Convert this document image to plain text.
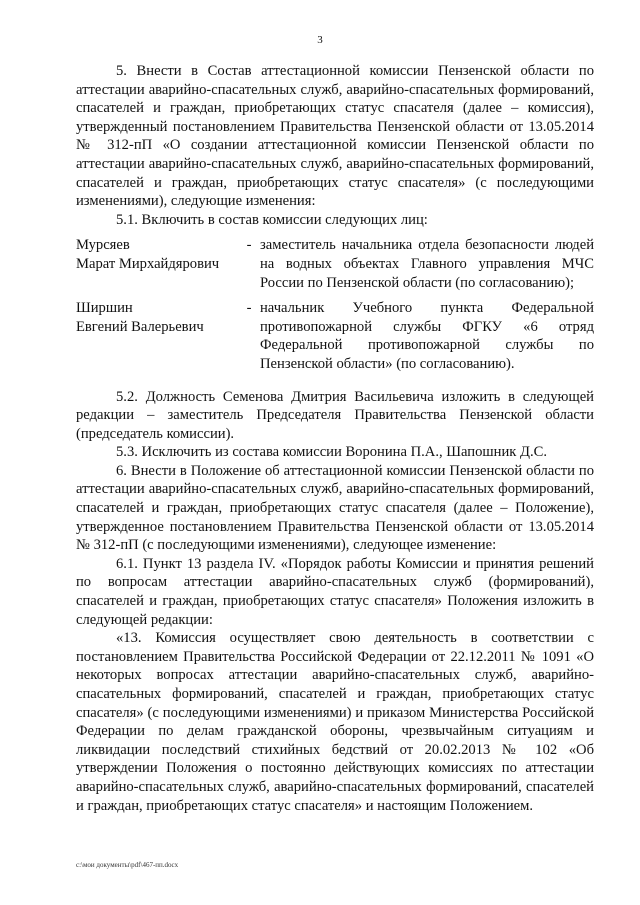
3

5. Внести в Состав аттестационной комиссии Пензенской области по аттестации аварийно-спасательных служб, аварийно-спасательных формирований, спасателей и граждан, приобретающих статус спасателя (далее – комиссия), утвержденный постановлением Правительства Пензенской области от 13.05.2014 № 312-пП «О создании аттестационной комиссии Пензенской области по аттестации аварийно-спасательных служб, аварийно-спасательных формирований, спасателей и граждан, приобретающих статус спасателя» (с последующими изменениями), следующие изменения:

5.1. Включить в состав комиссии следующих лиц:

Мурсяев
Марат Мирхайдярович
- заместитель начальника отдела безопасности людей на водных объектах Главного управления МЧС России по Пензенской области (по согласованию);
Ширшин
Евгений Валерьевич
- начальник Учебного пункта Федеральной противопожарной службы ФГКУ «6 отряд Федеральной противопожарной службы по Пензенской области» (по согласованию).

5.2. Должность Семенова Дмитрия Васильевича изложить в следующей редакции – заместитель Председателя Правительства Пензенской области (председатель комиссии).

5.3. Исключить из состава комиссии Воронина П.А., Шапошник Д.С.

6. Внести в Положение об аттестационной комиссии Пензенской области по аттестации аварийно-спасательных служб, аварийно-спасательных формирований, спасателей и граждан, приобретающих статус спасателя (далее – Положение), утвержденное постановлением Правительства Пензенской области от 13.05.2014 № 312-пП (с последующими изменениями), следующее изменение:

6.1. Пункт 13 раздела IV. «Порядок работы Комиссии и принятия решений по вопросам аттестации аварийно-спасательных служб (формирований), спасателей и граждан, приобретающих статус спасателя» Положения изложить в следующей редакции:

«13. Комиссия осуществляет свою деятельность в соответствии с постановлением Правительства Российской Федерации от 22.12.2011 № 1091 «О некоторых вопросах аттестации аварийно-спасательных служб, аварийно-спасательных формирований, спасателей и граждан, приобретающих статус спасателя» (с последующими изменениями) и приказом Министерства Российской Федерации по делам гражданской обороны, чрезвычайным ситуациям и ликвидации последствий стихийных бедствий от 20.02.2013 № 102 «Об утверждении Положения о постоянно действующих комиссиях по аттестации аварийно-спасательных служб, аварийно-спасательных формирований, спасателей и граждан, приобретающих статус спасателя» и настоящим Положением.

c:\мои документы\pdf\467-пп.docx
